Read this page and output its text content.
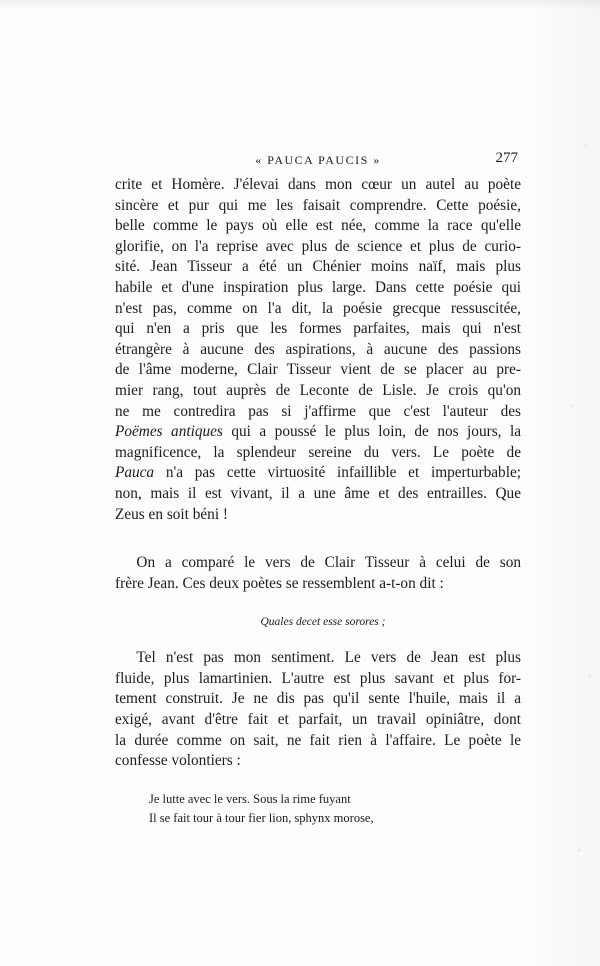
« PAUCA PAUCIS »	277
crite et Homère. J'élevai dans mon cœur un autel au poète
sincère et pur qui me les faisait comprendre. Cette poésie,
belle comme le pays où elle est née, comme la race qu'elle
glorifie, on l'a reprise avec plus de science et plus de curio-
sité. Jean Tisseur a été un Chénier moins naïf, mais plus
habile et d'une inspiration plus large. Dans cette poésie qui
n'est pas, comme on l'a dit, la poésie grecque ressuscitée,
qui n'en a pris que les formes parfaites, mais qui n'est
étrangère à aucune des aspirations, à aucune des passions
de l'âme moderne, Clair Tisseur vient de se placer au pre-
mier rang, tout auprès de Leconte de Lisle. Je crois qu'on
ne me contredira pas si j'affirme que c'est l'auteur des
Poëmes antiques qui a poussé le plus loin, de nos jours, la
magnificence, la splendeur sereine du vers. Le poète de
Pauca n'a pas cette virtuosité infaillible et imperturbable;
non, mais il est vivant, il a une âme et des entrailles. Que
Zeus en soit béni !
On a comparé le vers de Clair Tisseur à celui de son
frère Jean. Ces deux poètes se ressemblent a-t-on dit :
Quales decet esse sorores ;
Tel n'est pas mon sentiment. Le vers de Jean est plus
fluide, plus lamartinien. L'autre est plus savant et plus for-
tement construit. Je ne dis pas qu'il sente l'huile, mais il a
exigé, avant d'être fait et parfait, un travail opiniâtre, dont
la durée comme on sait, ne fait rien à l'affaire. Le poète le
confesse volontiers :
Je lutte avec le vers. Sous la rime fuyant
Il se fait tour à tour fier lion, sphynx morose,
